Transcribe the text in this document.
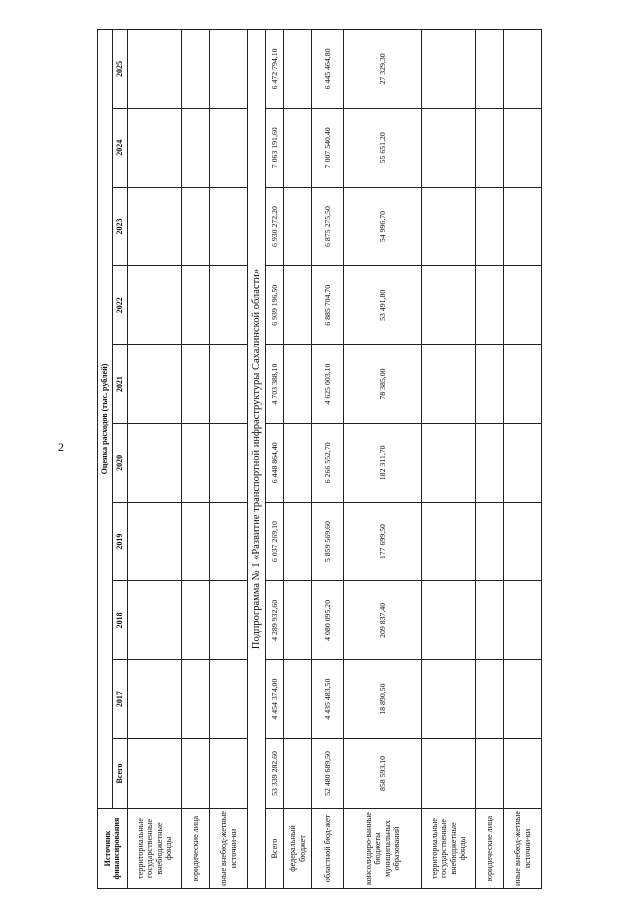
2
Источник финансирования	Оценка расходов (тыс. рублей)									
	Всего	2017	2018	2019	2020	2021	2022	2023	2024	2025
территориальные государственные внебюджетные фонды										
юридические лица										
иные внебюд-жетные источни-ки										
Подпрограмма № 1 «Развитие транспортной инфраструктуры Сахалинской области»										
Всего	53 339 282,60	4 454 374,00	4 289 932,60	6 037 269,10	6 448 864,40	4 703 388,10	6 939 196,50	6 930 272,20	7 063 191,60	6 472 794,10
федеральный бюджет										
областной бюд-жет	52 480 689,50	4 435 483,50	4 080 095,20	5 859 569,60	6 266 552,70	4 625 003,10	6 885 704,70	6 875 275,50	7 007 540,40	6 445 464,80
консолидиро-ванные бюджеты муниципальных образований	858 593,10	18 890,50	209 837,40	177 699,50	182 311,70	78 385,00	53 491,80	54 996,70	55 651,20	27 329,30
территориальные государственные внебюджетные фонды										
юридические лица										
иные внебюд-жетные источни-ки										
